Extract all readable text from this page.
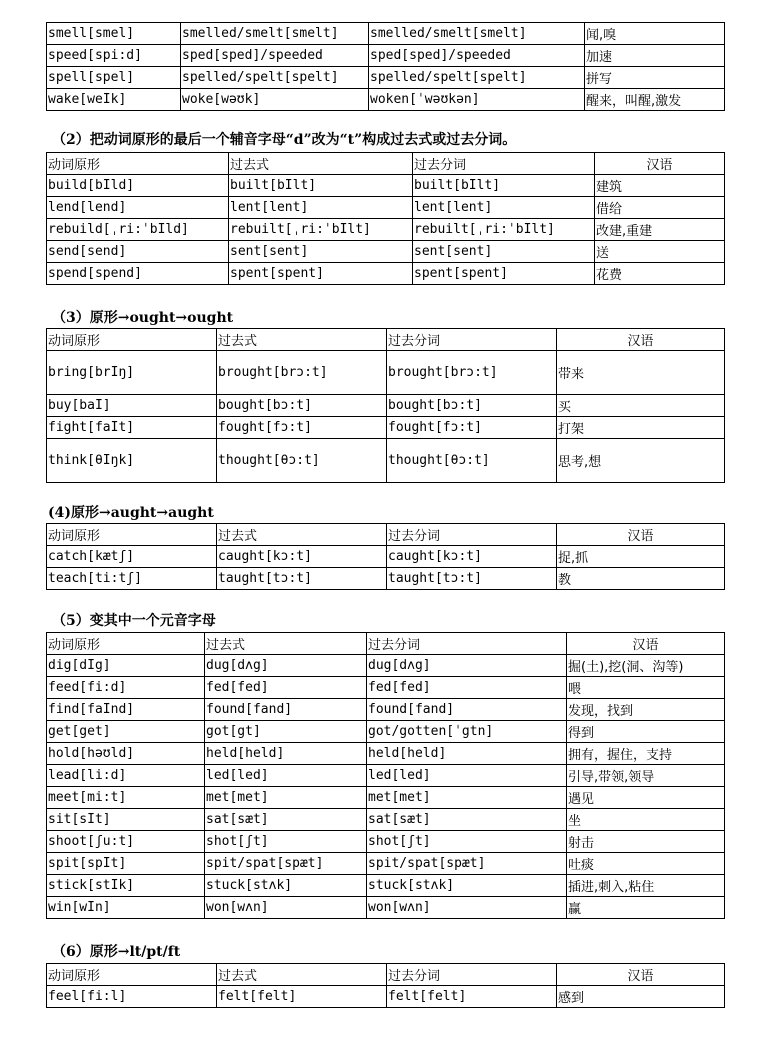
smell[smel]	smelled/smelt[smelt]	smelled/smelt[smelt]	闻,嗅
speed[spi:d]	sped[sped]/speeded	sped[sped]/speeded	加速
spell[spel]	spelled/spelt[spelt]	spelled/spelt[spelt]	拼写
wake[weIk]	woke[wəʊk]	woken[ˈwəʊkən]	醒来，叫醒,激发
（2）把动词原形的最后一个辅音字母“d”改为“t”构成过去式或过去分词。
动词原形	过去式	过去分词	汉语
build[bIld]	built[bIlt]	built[bIlt]	建筑
lend[lend]	lent[lent]	lent[lent]	借给
rebuild[ˌri:ˈbIld]	rebuilt[ˌri:ˈbIlt]	rebuilt[ˌri:ˈbIlt]	改建,重建
send[send]	sent[sent]	sent[sent]	送
spend[spend]	spent[spent]	spent[spent]	花费
（3）原形→ought→ought
动词原形	过去式	过去分词	汉语
bring[brIŋ]	brought[brɔ:t]	brought[brɔ:t]	带来
buy[baI]	bought[bɔ:t]	bought[bɔ:t]	买
fight[faIt]	fought[fɔ:t]	fought[fɔ:t]	打架
think[θIŋk]	thought[θɔ:t]	thought[θɔ:t]	思考,想
(4)原形→aught→aught
动词原形	过去式	过去分词	汉语
catch[kætʃ]	caught[kɔ:t]	caught[kɔ:t]	捉,抓
teach[ti:tʃ]	taught[tɔ:t]	taught[tɔ:t]	教
（5）变其中一个元音字母
动词原形	过去式	过去分词	汉语
dig[dIg]	dug[dʌg]	dug[dʌg]	掘(土),挖(洞、沟等)
feed[fi:d]	fed[fed]	fed[fed]	喂
find[faInd]	found[fand]	found[fand]	发现，找到
get[get]	got[gt]	got/gotten[ˈgtn]	得到
hold[həʊld]	held[held]	held[held]	拥有，握住，支持
lead[li:d]	led[led]	led[led]	引导,带领,领导
meet[mi:t]	met[met]	met[met]	遇见
sit[sIt]	sat[sæt]	sat[sæt]	坐
shoot[ʃu:t]	shot[ʃt]	shot[ʃt]	射击
spit[spIt]	spit/spat[spæt]	spit/spat[spæt]	吐痰
stick[stIk]	stuck[stʌk]	stuck[stʌk]	插进,刺入,粘住
win[wIn]	won[wʌn]	won[wʌn]	赢
（6）原形→lt/pt/ft
动词原形	过去式	过去分词	汉语
feel[fi:l]	felt[felt]	felt[felt]	感到
